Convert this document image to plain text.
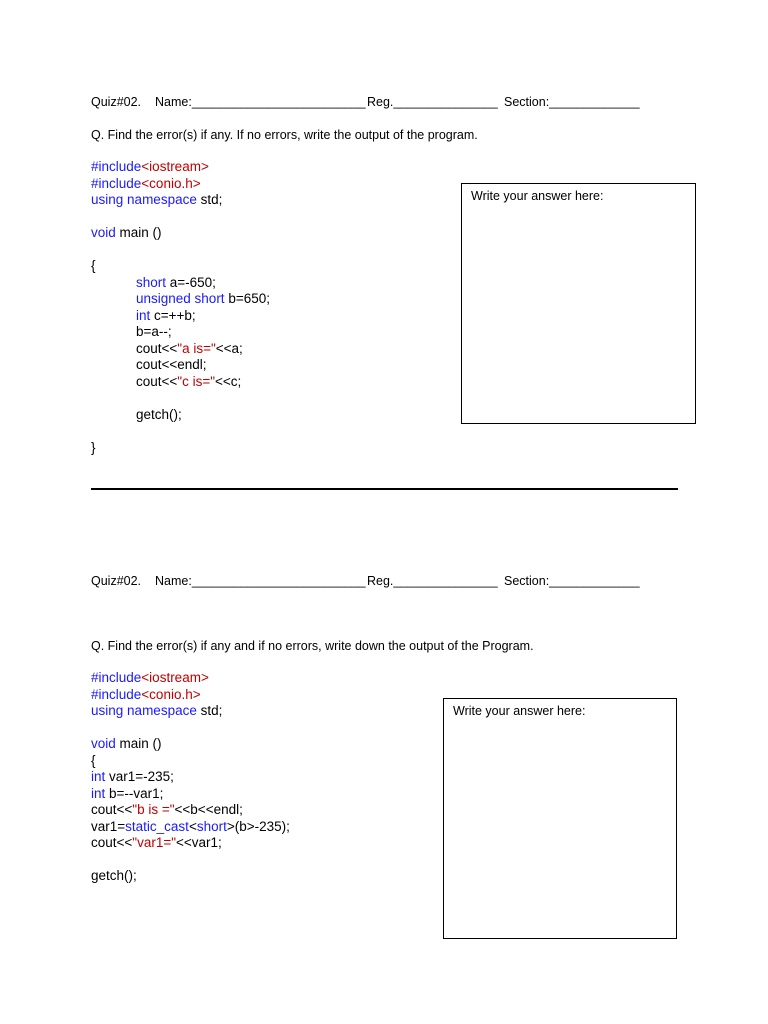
Quiz#02. Name:_________________________ Reg._______________ Section:_____________
Q. Find the error(s) if any. If no errors, write the output of the program.
#include<iostream>
#include<conio.h>
using namespace std;
void main ()
{
short a=-650;
unsigned short b=650;
int c=++b;
b=a--;
cout<<"a is="<<a;
cout<<endl;
cout<<"c is="<<c;
getch();
}
Write your answer here:
Quiz#02. Name:_________________________ Reg._______________ Section:_____________
Q. Find the error(s) if any and if no errors, write down the output of the Program.
#include<iostream>
#include<conio.h>
using namespace std;
void main ()
{
int var1=-235;
int b=--var1;
cout<<"b is ="<<b<<endl;
var1=static_cast<short>(b>-235);
cout<<"var1="<<var1;
getch();
Write your answer here:
